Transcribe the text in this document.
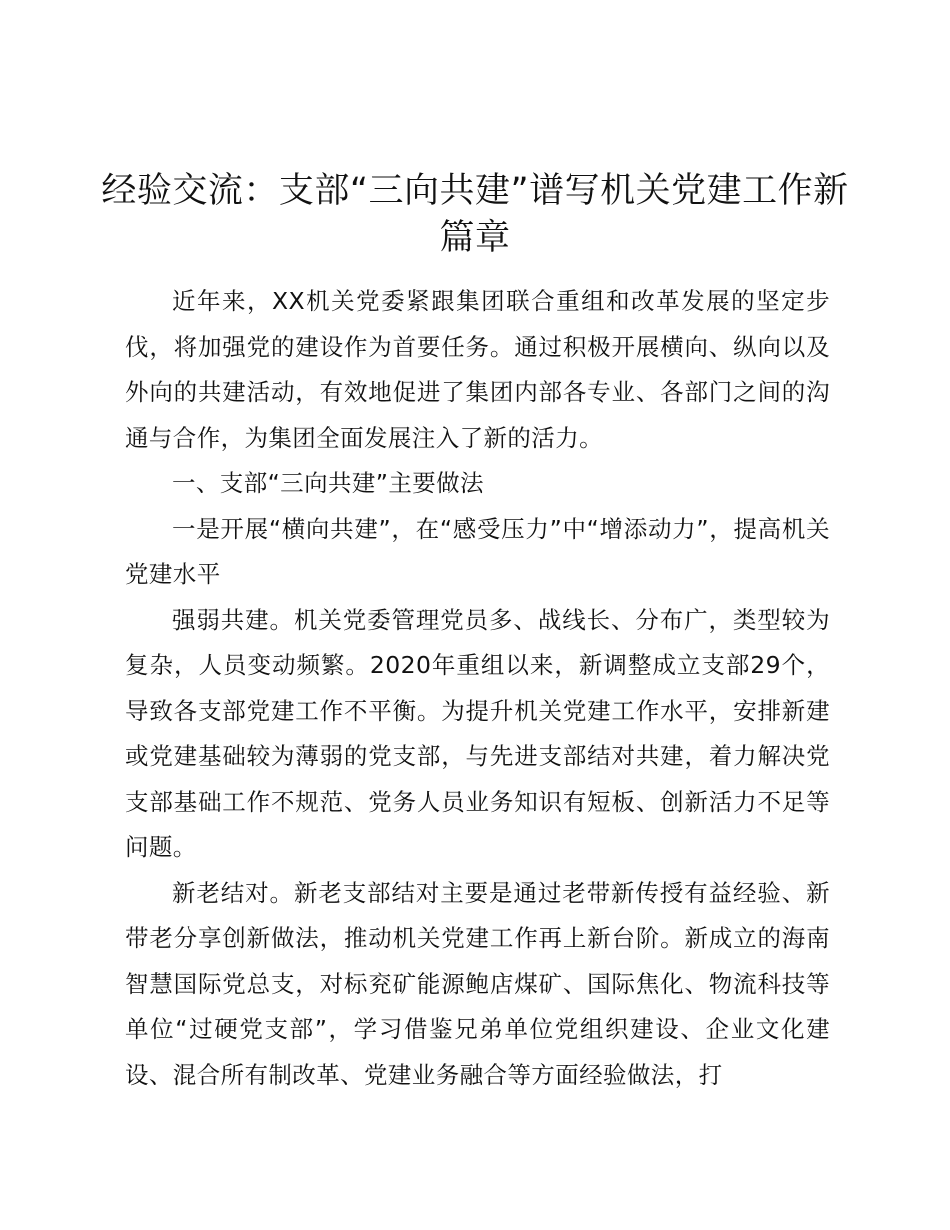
经验交流：支部“三向共建”谱写机关党建工作新篇章

近年来，XX机关党委紧跟集团联合重组和改革发展的坚定步伐，将加强党的建设作为首要任务。通过积极开展横向、纵向以及外向的共建活动，有效地促进了集团内部各专业、各部门之间的沟通与合作，为集团全面发展注入了新的活力。

一、支部“三向共建”主要做法

一是开展“横向共建”，在“感受压力”中“增添动力”，提高机关党建水平

强弱共建。机关党委管理党员多、战线长、分布广，类型较为复杂，人员变动频繁。2020年重组以来，新调整成立支部29个，导致各支部党建工作不平衡。为提升机关党建工作水平，安排新建或党建基础较为薄弱的党支部，与先进支部结对共建，着力解决党支部基础工作不规范、党务人员业务知识有短板、创新活力不足等问题。

新老结对。新老支部结对主要是通过老带新传授有益经验、新带老分享创新做法，推动机关党建工作再上新台阶。新成立的海南智慧国际党总支，对标兖矿能源鲍店煤矿、国际焦化、物流科技等单位“过硬党支部”，学习借鉴兄弟单位党组织建设、企业文化建设、混合所有制改革、党建业务融合等方面经验做法，打
